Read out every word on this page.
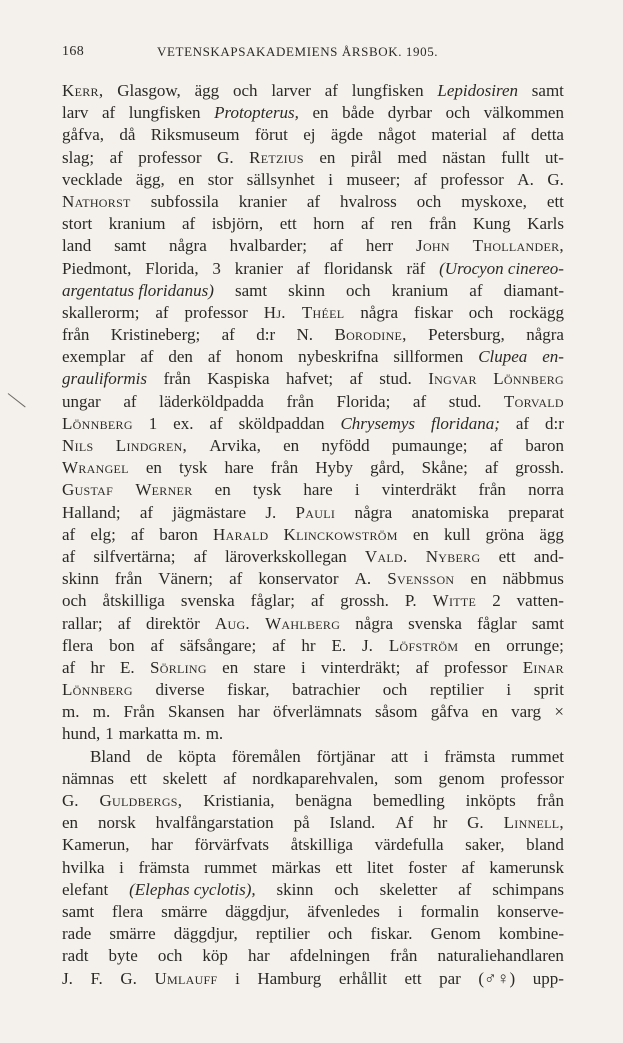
168	VETENSKAPSAKADEMIENS ÅRSBOK. 1905.
Kerr, Glasgow, ägg och larver af lungfisken Lepidosiren samt
larv af lungfisken Protopterus, en både dyrbar och välkommen
gåfva, då Riksmuseum förut ej ägde något material af detta
slag; af professor G. Retzius en pirål med nästan fullt ut-
vecklade ägg, en stor sällsynhet i museer; af professor A. G.
Nathorst subfossila kranier af hvalross och myskoxe, ett
stort kranium af isbjörn, ett horn af ren från Kung Karls
land samt några hvalbarder; af herr John Thollander,
Piedmont, Florida, 3 kranier af floridansk räf (Urocyon cinereo-
argentatus floridanus) samt skinn och kranium af diamant-
skallerorm; af professor Hj. Théel några fiskar och rockägg
från Kristineberg; af d:r N. Borodine, Petersburg, några
exemplar af den af honom nybeskrifna sillformen Clupea en-
grauliformis från Kaspiska hafvet; af stud. Ingvar Lönnberg
ungar af läderköldpadda från Florida; af stud. Torvald
Lönnberg 1 ex. af sköldpaddan Chrysemys floridana; af d:r
Nils Lindgren, Arvika, en nyfödd pumaunge; af baron
Wrangel en tysk hare från Hyby gård, Skåne; af grossh.
Gustaf Werner en tysk hare i vinterdräkt från norra
Halland; af jägmästare J. Pauli några anatomiska preparat
af elg; af baron Harald Klinckowström en kull gröna ägg
af silfvertärna; af läroverkskollegan Vald. Nyberg ett and-
skinn från Vänern; af konservator A. Svensson en näbbmus
och åtskilliga svenska fåglar; af grossh. P. Witte 2 vatten-
rallar; af direktör Aug. Wahlberg några svenska fåglar samt
flera bon af säfsångare; af hr E. J. Löfström en orrunge;
af hr E. Sörling en stare i vinterdräkt; af professor Einar
Lönnberg diverse fiskar, batrachier och reptilier i sprit
m. m. Från Skansen har öfverlämnats såsom gåfva en varg ×
hund, 1 markatta m. m.
Bland de köpta föremålen förtjänar att i främsta rummet
nämnas ett skelett af nordkaparehvalen, som genom professor
G. Guldbergs, Kristiania, benägna bemedling inköpts från
en norsk hvalfångarstation på Island. Af hr G. Linnell,
Kamerun, har förvärfvats åtskilliga värdefulla saker, bland
hvilka i främsta rummet märkas ett litet foster af kamerunsk
elefant (Elephas cyclotis), skinn och skeletter af schimpans
samt flera smärre däggdjur, äfvenledes i formalin konserve-
rade smärre däggdjur, reptilier och fiskar. Genom kombine-
radt byte och köp har afdelningen från naturaliehandlaren
J. F. G. Umlauff i Hamburg erhållit ett par (♂♀) upp-
